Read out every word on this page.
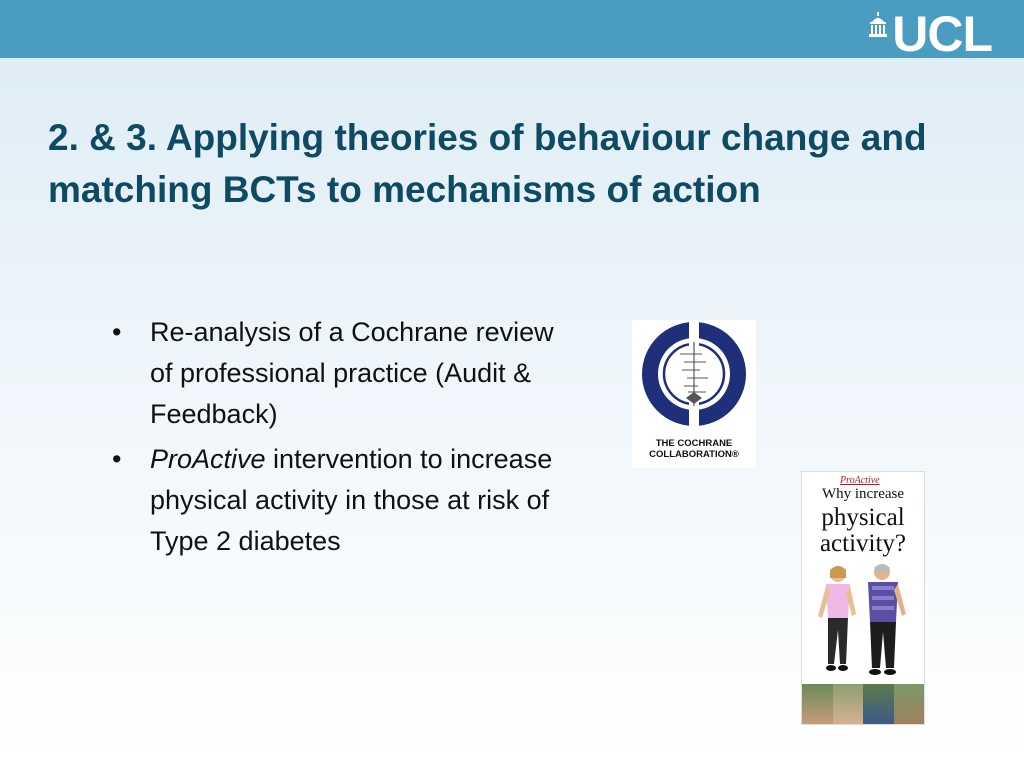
UCL
2. & 3. Applying theories of behaviour change and matching BCTs to mechanisms of action
• Re-analysis of a Cochrane review of professional practice (Audit & Feedback)
• ProActive intervention to increase physical activity in those at risk of Type 2 diabetes
THE COCHRANE
COLLABORATION®
ProActive
Why increase
physical
activity?
